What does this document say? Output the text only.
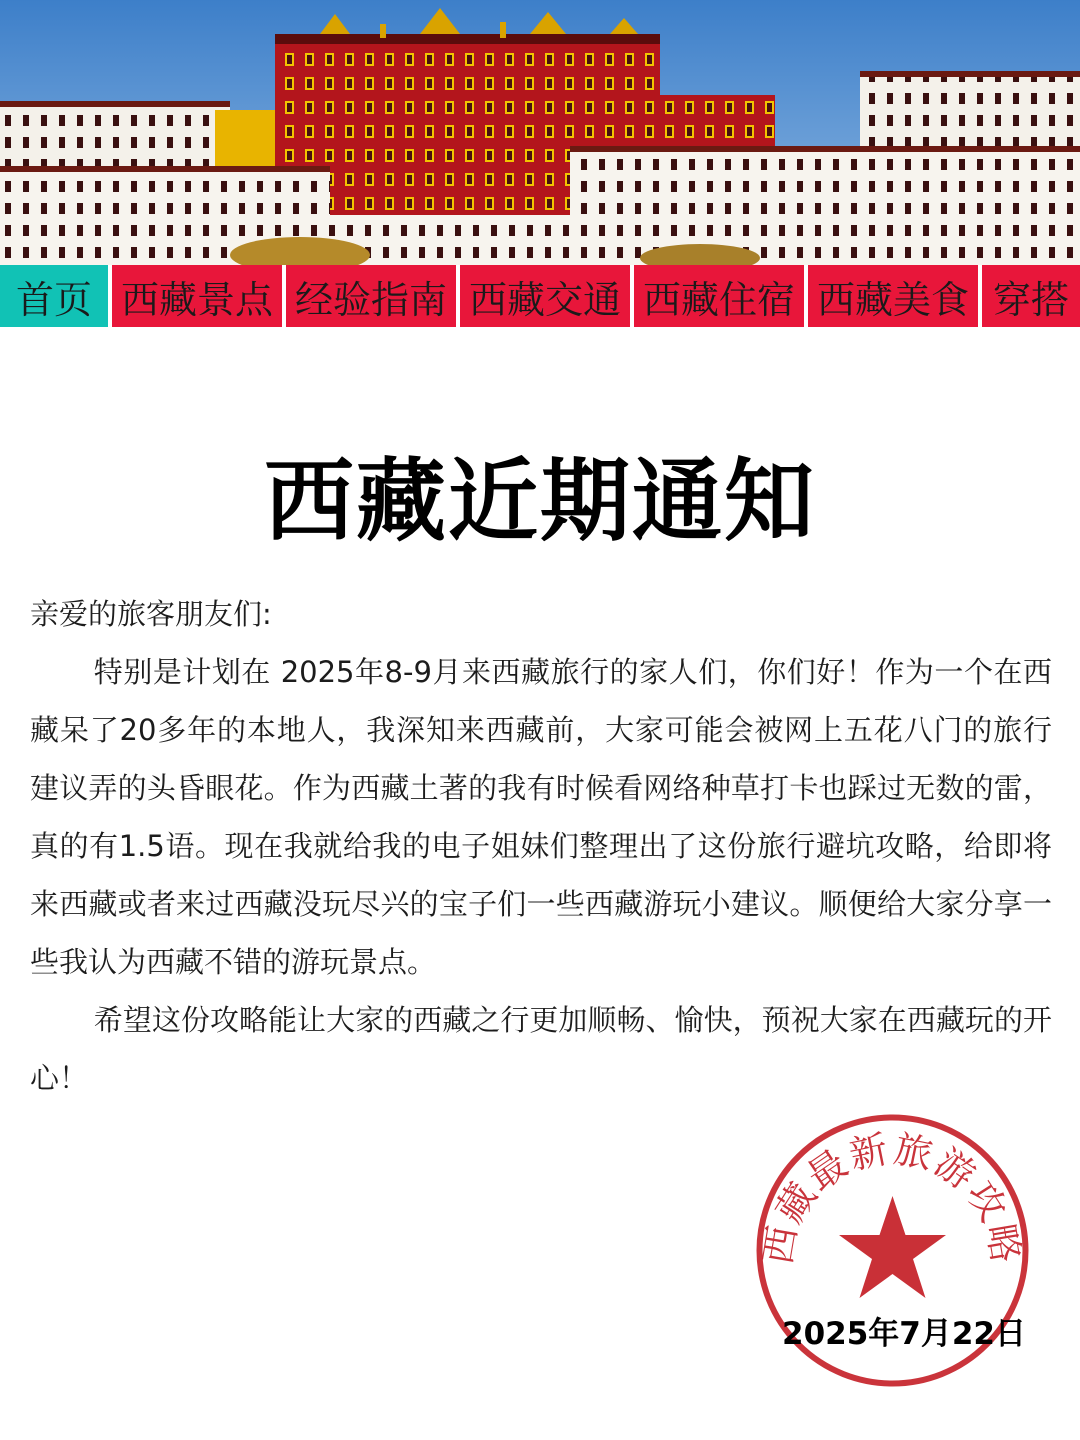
首页 西藏景点 经验指南 西藏交通 西藏住宿 西藏美食 穿搭
西藏近期通知
亲爱的旅客朋友们:
特别是计划在 2025年8-9月来西藏旅行的家人们，你们好！作为一个在西藏呆了20多年的本地人，我深知来西藏前，大家可能会被网上五花八门的旅行建议弄的头昏眼花。作为西藏土著的我有时候看网络种草打卡也踩过无数的雷，真的有1.5语。现在我就给我的电子姐妹们整理出了这份旅行避坑攻略，给即将来西藏或者来过西藏没玩尽兴的宝子们一些西藏游玩小建议。顺便给大家分享一些我认为西藏不错的游玩景点。
希望这份攻略能让大家的西藏之行更加顺畅、愉快，预祝大家在西藏玩的开心！
西藏最新旅游攻略
2025年7月22日
